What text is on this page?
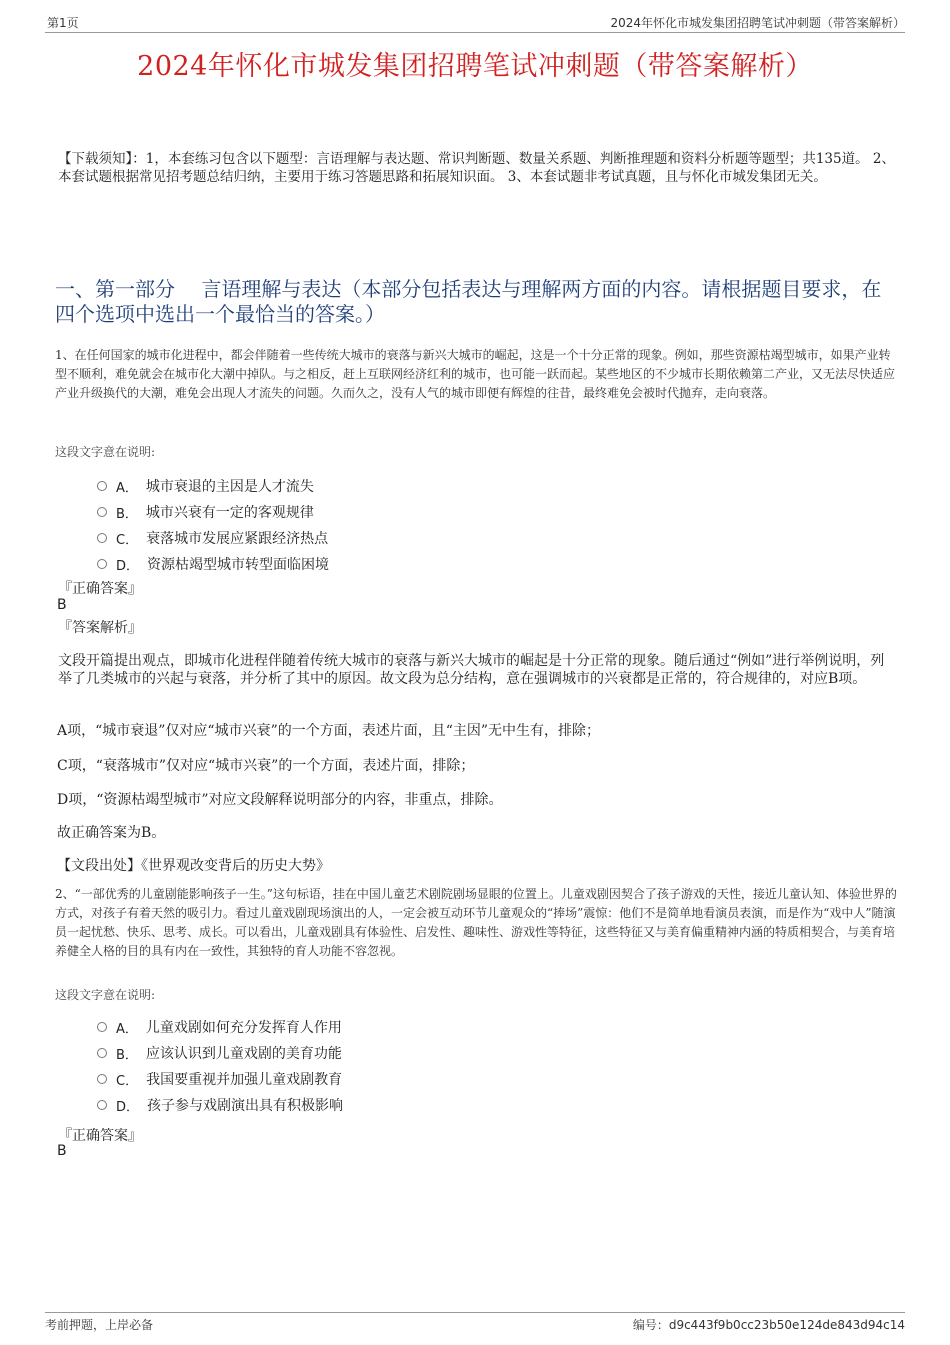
第1页	2024年怀化市城发集团招聘笔试冲刺题（带答案解析）
2024年怀化市城发集团招聘笔试冲刺题（带答案解析）
【下载须知】：1，本套练习包含以下题型：言语理解与表达题、常识判断题、数量关系题、判断推理题和资料分析题等题型；共135道。 2、本套试题根据常见招考题总结归纳，主要用于练习答题思路和拓展知识面。 3、本套试题非考试真题，且与怀化市城发集团无关。
一、第一部分　 言语理解与表达（本部分包括表达与理解两方面的内容。请根据题目要求，在四个选项中选出一个最恰当的答案。）
1、在任何国家的城市化进程中，都会伴随着一些传统大城市的衰落与新兴大城市的崛起，这是一个十分正常的现象。例如，那些资源枯竭型城市，如果产业转型不顺利，难免就会在城市化大潮中掉队。与之相反，赶上互联网经济红利的城市，也可能一跃而起。某些地区的不少城市长期依赖第二产业，又无法尽快适应产业升级换代的大潮，难免会出现人才流失的问题。久而久之，没有人气的城市即便有辉煌的往昔，最终难免会被时代抛弃，走向衰落。
这段文字意在说明:
A． 城市衰退的主因是人才流失
B． 城市兴衰有一定的客观规律
C． 衰落城市发展应紧跟经济热点
D． 资源枯竭型城市转型面临困境
『正确答案』
B
『答案解析』
文段开篇提出观点，即城市化进程伴随着传统大城市的衰落与新兴大城市的崛起是十分正常的现象。随后通过“例如”进行举例说明，列举了几类城市的兴起与衰落，并分析了其中的原因。故文段为总分结构，意在强调城市的兴衰都是正常的，符合规律的，对应B项。
A项，“城市衰退”仅对应“城市兴衰”的一个方面，表述片面，且“主因”无中生有，排除；
C项，“衰落城市”仅对应“城市兴衰”的一个方面，表述片面，排除；
D项，“资源枯竭型城市”对应文段解释说明部分的内容，非重点，排除。
故正确答案为B。
【文段出处】《世界观改变背后的历史大势》
2、“一部优秀的儿童剧能影响孩子一生。”这句标语，挂在中国儿童艺术剧院剧场显眼的位置上。儿童戏剧因契合了孩子游戏的天性，接近儿童认知、体验世界的方式，对孩子有着天然的吸引力。看过儿童戏剧现场演出的人，一定会被互动环节儿童观众的“捧场”震惊：他们不是简单地看演员表演，而是作为“戏中人”随演员一起忧愁、快乐、思考、成长。可以看出，儿童戏剧具有体验性、启发性、趣味性、游戏性等特征，这些特征又与美育偏重精神内涵的特质相契合，与美育培养健全人格的目的具有内在一致性，其独特的育人功能不容忽视。
这段文字意在说明:
A． 儿童戏剧如何充分发挥育人作用
B． 应该认识到儿童戏剧的美育功能
C． 我国要重视并加强儿童戏剧教育
D． 孩子参与戏剧演出具有积极影响
『正确答案』
B
考前押题，上岸必备	编号：d9c443f9b0cc23b50e124de843d94c14
